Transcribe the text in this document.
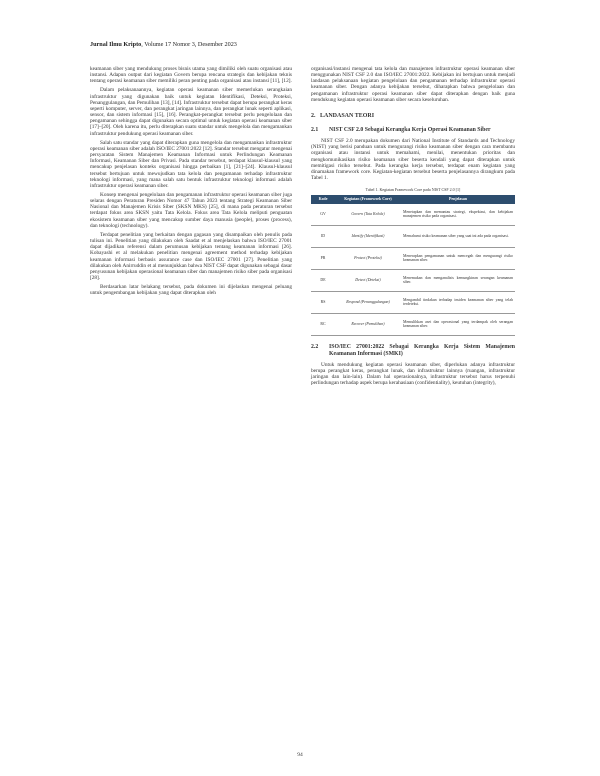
Jurnal Ilmu Kripto, Volume 17 Nomor 3, Desember 2023

keamanan siber yang mendukung proses bisnis utama yang dimiliki oleh suatu organisasi atau instansi. Adapun output dari kegiatan Govern berupa rencana strategis dan kebijakan teknis tentang operasi keamanan siber memiliki peran penting pada organisasi atau instansi [11], [12].

Dalam pelaksanaannya, kegiatan operasi keamanan siber memerlukan serangkaian infrastruktur yang digunakan baik untuk kegiatan Identifikasi, Deteksi, Proteksi, Penanggulangan, dan Pemulihan [13], [14]. Infrastruktur tersebut dapat berupa perangkat keras seperti komputer, server, dan perangkat jaringan lainnya, dan perangkat lunak seperti aplikasi, sensor, dan sistem informasi [15], [16]. Perangkat-perangkat tersebut perlu pengelolaan dan pengamanan sehingga dapat digunakan secara optimal untuk kegiatan operasi keamanan siber [17]–[20]. Oleh karena itu, perlu diterapkan suatu standar untuk mengelola dan mengamankan infrastruktur pendukung operasi keamanan siber.

Salah satu standar yang dapat diterapkan guna mengelola dan mengamankan infrastruktur operasi keamanan siber adalah ISO/IEC 27001:2022 [12]. Standar tersebut mengatur mengenai persyaratan Sistem Manajemen Keamanan Informasi untuk Perlindungan Keamanan Informasi, Keamanan Siber dan Privasi. Pada standar tersebut, terdapat klausul-klausul yang mencakup penjelasan konteks organisasi hingga perbaikan [1], [21]–[24]. Klausul-klausul tersebut bertujuan untuk mewujudkan tata kelola dan pengamanan terhadap infrastruktur teknologi informasi, yang mana salah satu bentuk infrastruktur teknologi informasi adalah infrastruktur operasi keamanan siber.

Konsep mengenai pengelolaan dan pengamanan infrastruktur operasi keamanan siber juga selaras dengan Peraturan Presiden Nomor 47 Tahun 2023 tentang Strategi Keamanan Siber Nasional dan Manajemen Krisis Siber (SKSN MKS) [25], di mana pada peraturan tersebut terdapat fokus area SKSN yaitu Tata Kelola. Fokus area Tata Kelola meliputi penguatan ekosistem keamanan siber yang mencakup sumber daya manusia (people), proses (process), dan teknologi (technology).

Terdapat penelitian yang berkaitan dengan gagasan yang disampaikan oleh penulis pada tulisan ini. Penelitian yang dilakukan oleh Saadat et al menjelaskan bahwa ISO/IEC 27001 dapat dijadikan referensi dalam perumusan kebijakan tentang keamanan informasi [26]. Kobayashi et al melakukan penelitian mengenai agreement method terhadap kebijakan keamanan informasi berbasis assurance case dan ISO/IEC 27001 [27]. Penelitian yang dilakukan oleh Anirruddin et al menunjukkan bahwa NIST CSF dapat digunakan sebagai dasar penyusunan kebijakan operasional keamanan siber dan manajemen risiko siber pada organisasi [28].

Berdasarkan latar belakang tersebut, pada dokumen ini dijelaskan mengenai peluang untuk pengembangan kebijakan yang dapat diterapkan oleh

organisasi/instansi mengenai tata kelola dan manajemen infrastruktur operasi keamanan siber menggunakan NIST CSF 2.0 dan ISO/IEC 27001:2022. Kebijakan ini bertujuan untuk menjadi landasan pelaksanaan kegiatan pengelolaan dan pengamanan terhadap infrastruktur operasi keamanan siber. Dengan adanya kebijakan tersebut, diharapkan bahwa pengelolaan dan pengamanan infrastruktur operasi keamanan siber dapat diterapkan dengan baik guna mendukung kegiatan operasi keamanan siber secara keseluruhan.

2. LANDASAN TEORI
2.1	NIST CSF 2.0 Sebagai Kerangka Kerja Operasi Keamanan Siber

NIST CSF 2.0 merupakan dokumen dari National Institute of Standards and Technology (NIST) yang berisi panduan untuk mengurangi risiko keamanan siber dengan cara membantu organisasi atau instansi untuk memahami, menilai, menentukan prioritas dan mengkomunikasikan risiko keamanan siber beserta kendali yang dapat diterapkan untuk memitigasi risiko tersebut. Pada kerangka kerja tersebut, terdapat enam kegiatan yang dinamakan framework core. Kegiatan-kegiatan tersebut beserta penjelasannya dirangkum pada Tabel 1.

Tabel 1. Kegiatan Framework Core pada NIST CSF 2.0 [1]
Kode	Kegiatan (Framework Core)	Penjelasan
GV	Govern (Tata Kelola)	Menetapkan dan memantau strategi, ekspektasi, dan kebijakan manajemen risiko pada organisasi.
ID	Identify (Identifikasi)	Memahami risiko keamanan siber yang saat ini ada pada organisasi.
PR	Protect (Proteksi)	Menerapkan pengamanan untuk mencegah dan mengurangi risiko keamanan siber.
DE	Detect (Deteksi)	Menemukan dan menganalisis kemungkinan serangan keamanan siber.
RS	Respond (Penanggulangan)	Mengambil tindakan terhadap insiden keamanan siber yang telah terdeteksi.
RC	Recover (Pemulihan)	Memulihkan aset dan operasional yang terdampak oleh serangan keamanan siber.
2.2	ISO/IEC 27001:2022 Sebagai Kerangka Kerja Sistem Manajemen Keamanan Informasi (SMKI)

Untuk mendukung kegiatan operasi keamanan siber, diperlukan adanya infrastruktur berupa perangkat keras, perangkat lunak, dan infrastruktur lainnya (ruangan, infrastruktur jaringan dan lain-lain). Dalam hal operasionalnya, infrastruktur tersebut harus terpenuhi perlindungan terhadap aspek berupa kerahasiaan (confidentiality), keutuhan (integrity),

94
